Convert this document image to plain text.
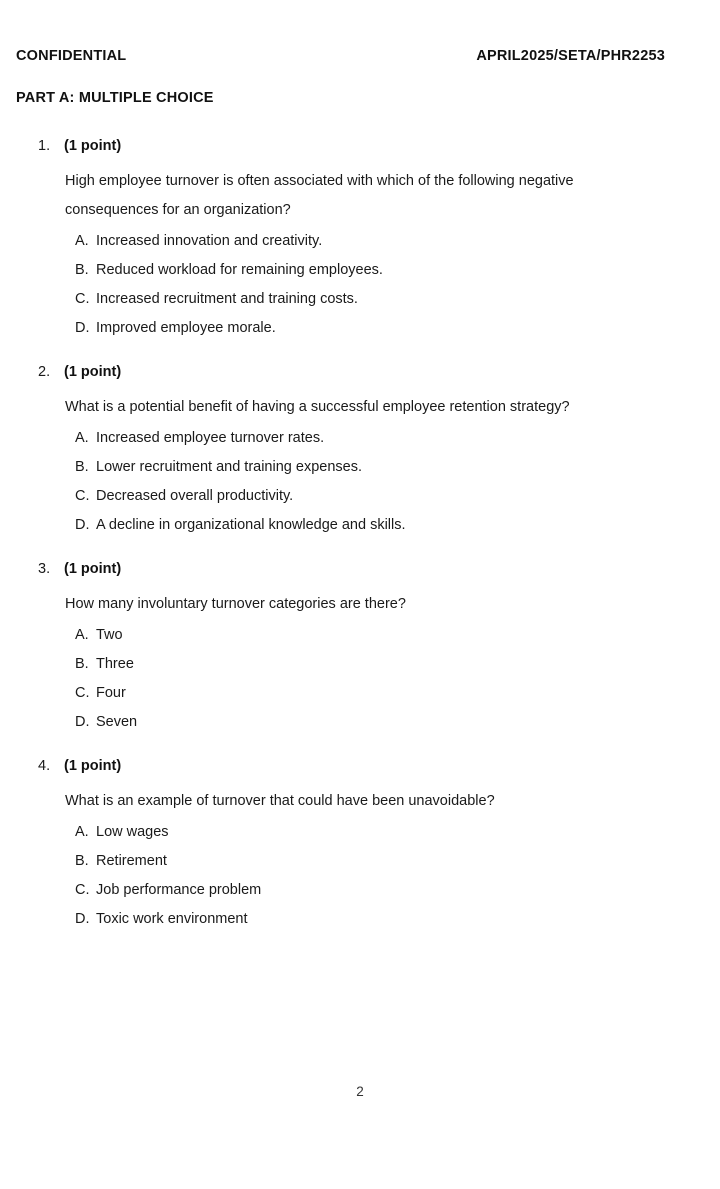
CONFIDENTIAL	APRIL2025/SETA/PHR2253
PART A: MULTIPLE CHOICE
1. (1 point)
High employee turnover is often associated with which of the following negative consequences for an organization?
A. Increased innovation and creativity.
B. Reduced workload for remaining employees.
C. Increased recruitment and training costs.
D. Improved employee morale.
2. (1 point)
What is a potential benefit of having a successful employee retention strategy?
A. Increased employee turnover rates.
B. Lower recruitment and training expenses.
C. Decreased overall productivity.
D. A decline in organizational knowledge and skills.
3. (1 point)
How many involuntary turnover categories are there?
A. Two
B. Three
C. Four
D. Seven
4. (1 point)
What is an example of turnover that could have been unavoidable?
A. Low wages
B. Retirement
C. Job performance problem
D. Toxic work environment
2
